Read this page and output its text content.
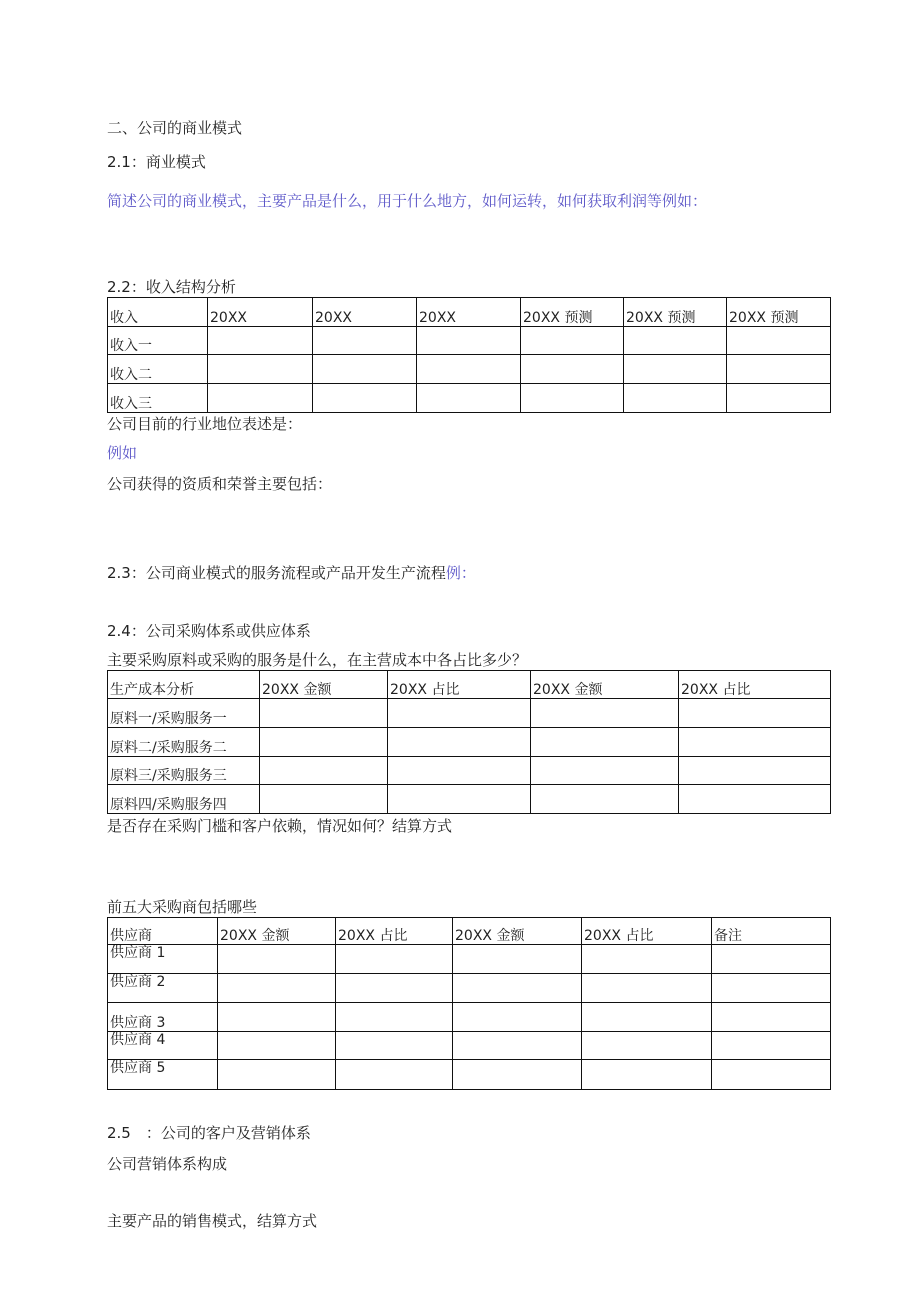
二、公司的商业模式
2.1：商业模式
简述公司的商业模式，主要产品是什么，用于什么地方，如何运转，如何获取利润等例如：
2.2：收入结构分析
收入	20XX	20XX	20XX	20XX 预测	20XX 预测	20XX 预测
收入一						
收入二						
收入三						
公司目前的行业地位表述是：
例如
公司获得的资质和荣誉主要包括：
2.3：公司商业模式的服务流程或产品开发生产流程例：
2.4：公司采购体系或供应体系
主要采购原料或采购的服务是什么，在主营成本中各占比多少？
生产成本分析	20XX 金额	20XX 占比	20XX 金额	20XX 占比
原料一/采购服务一				
原料二/采购服务二				
原料三/采购服务三				
原料四/采购服务四				
是否存在采购门槛和客户依赖，情况如何？结算方式
前五大采购商包括哪些
供应商	20XX 金额	20XX 占比	20XX 金额	20XX 占比	备注
供应商 1					
供应商 2					
供应商 3					
供应商 4					
供应商 5					
2.5　：公司的客户及营销体系
公司营销体系构成
主要产品的销售模式，结算方式
